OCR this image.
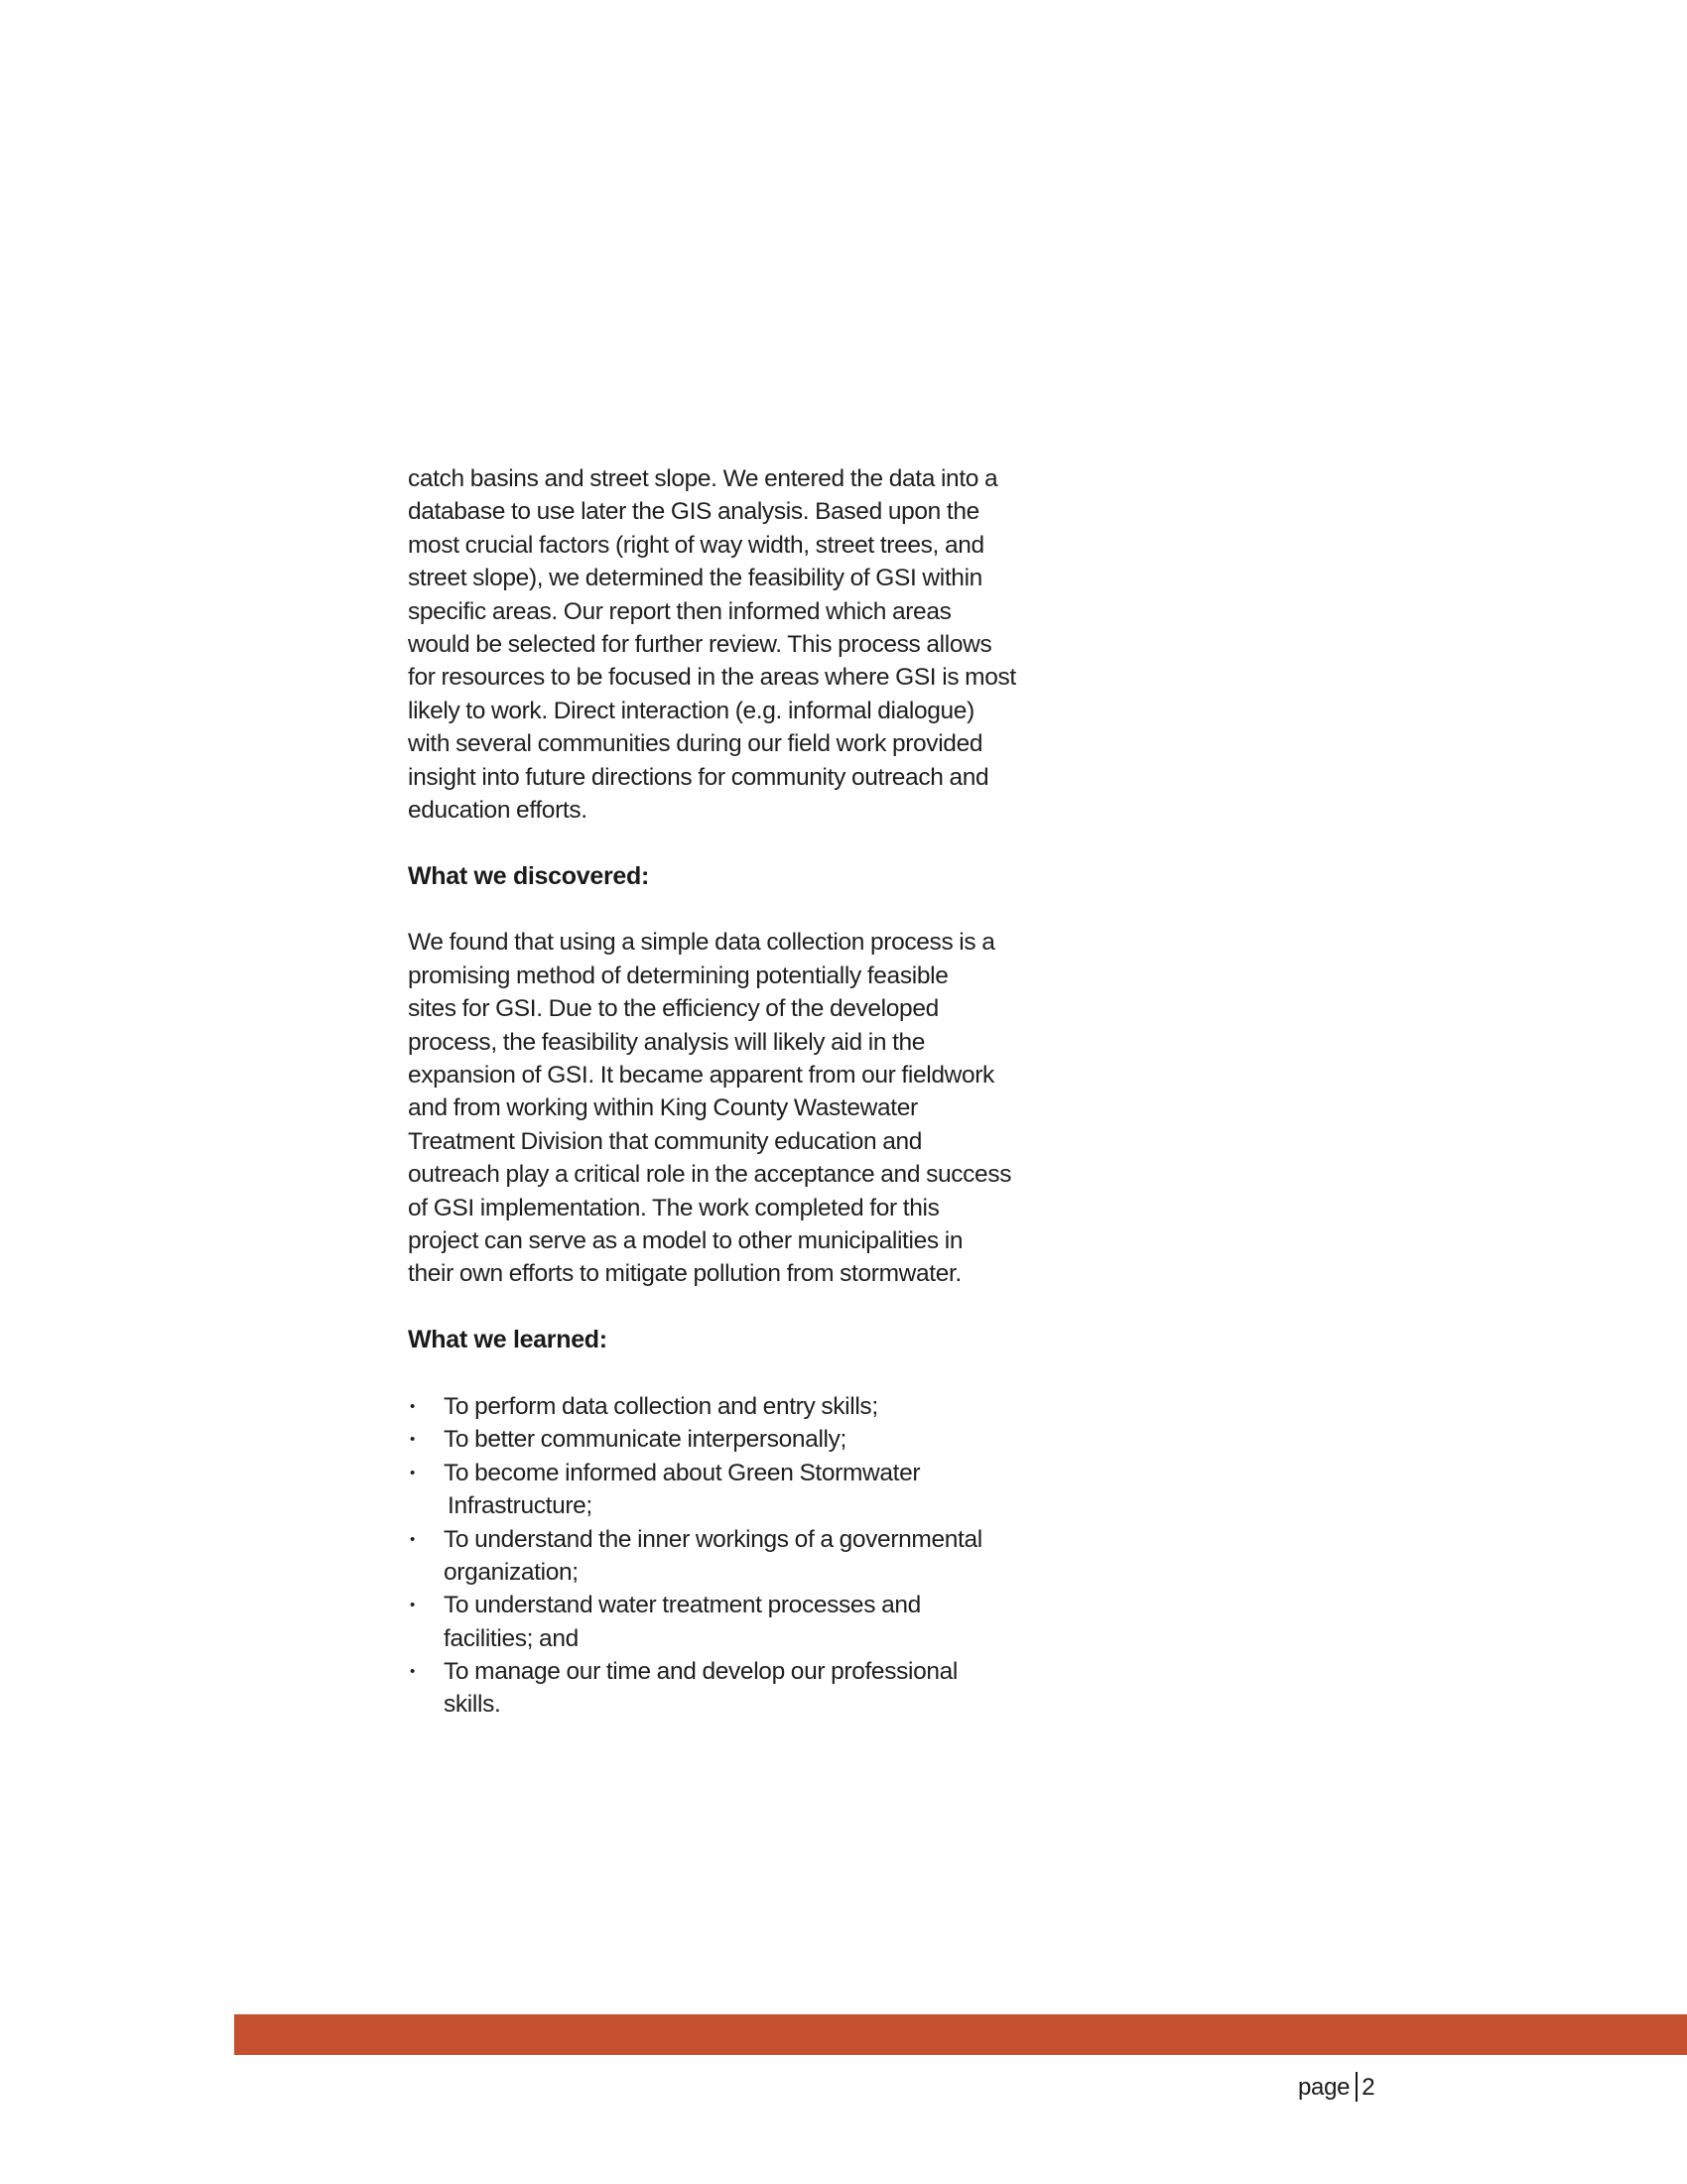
catch basins and street slope. We entered the data into a
database to use later the GIS analysis. Based upon the
most crucial factors (right of way width, street trees, and
street slope), we determined the feasibility of GSI within
specific areas. Our report then informed which areas
would be selected for further review. This process allows
for resources to be focused in the areas where GSI is most
likely to work. Direct interaction (e.g. informal dialogue)
with several communities during our field work provided
insight into future directions for community outreach and
education efforts.
What we discovered:
We found that using a simple data collection process is a
promising method of determining potentially feasible
sites for GSI. Due to the efficiency of the developed
process, the feasibility analysis will likely aid in the
expansion of GSI. It became apparent from our fieldwork
and from working within King County Wastewater
Treatment Division that community education and
outreach play a critical role in the acceptance and success
of GSI implementation. The work completed for this
project can serve as a model to other municipalities in
their own efforts to mitigate pollution from stormwater.
What we learned:
• To perform data collection and entry skills;
• To better communicate interpersonally;
• To become informed about Green Stormwater
Infrastructure;
• To understand the inner workings of a governmental
organization;
• To understand water treatment processes and
facilities; and
• To manage our time and develop our professional
skills.
page 2
